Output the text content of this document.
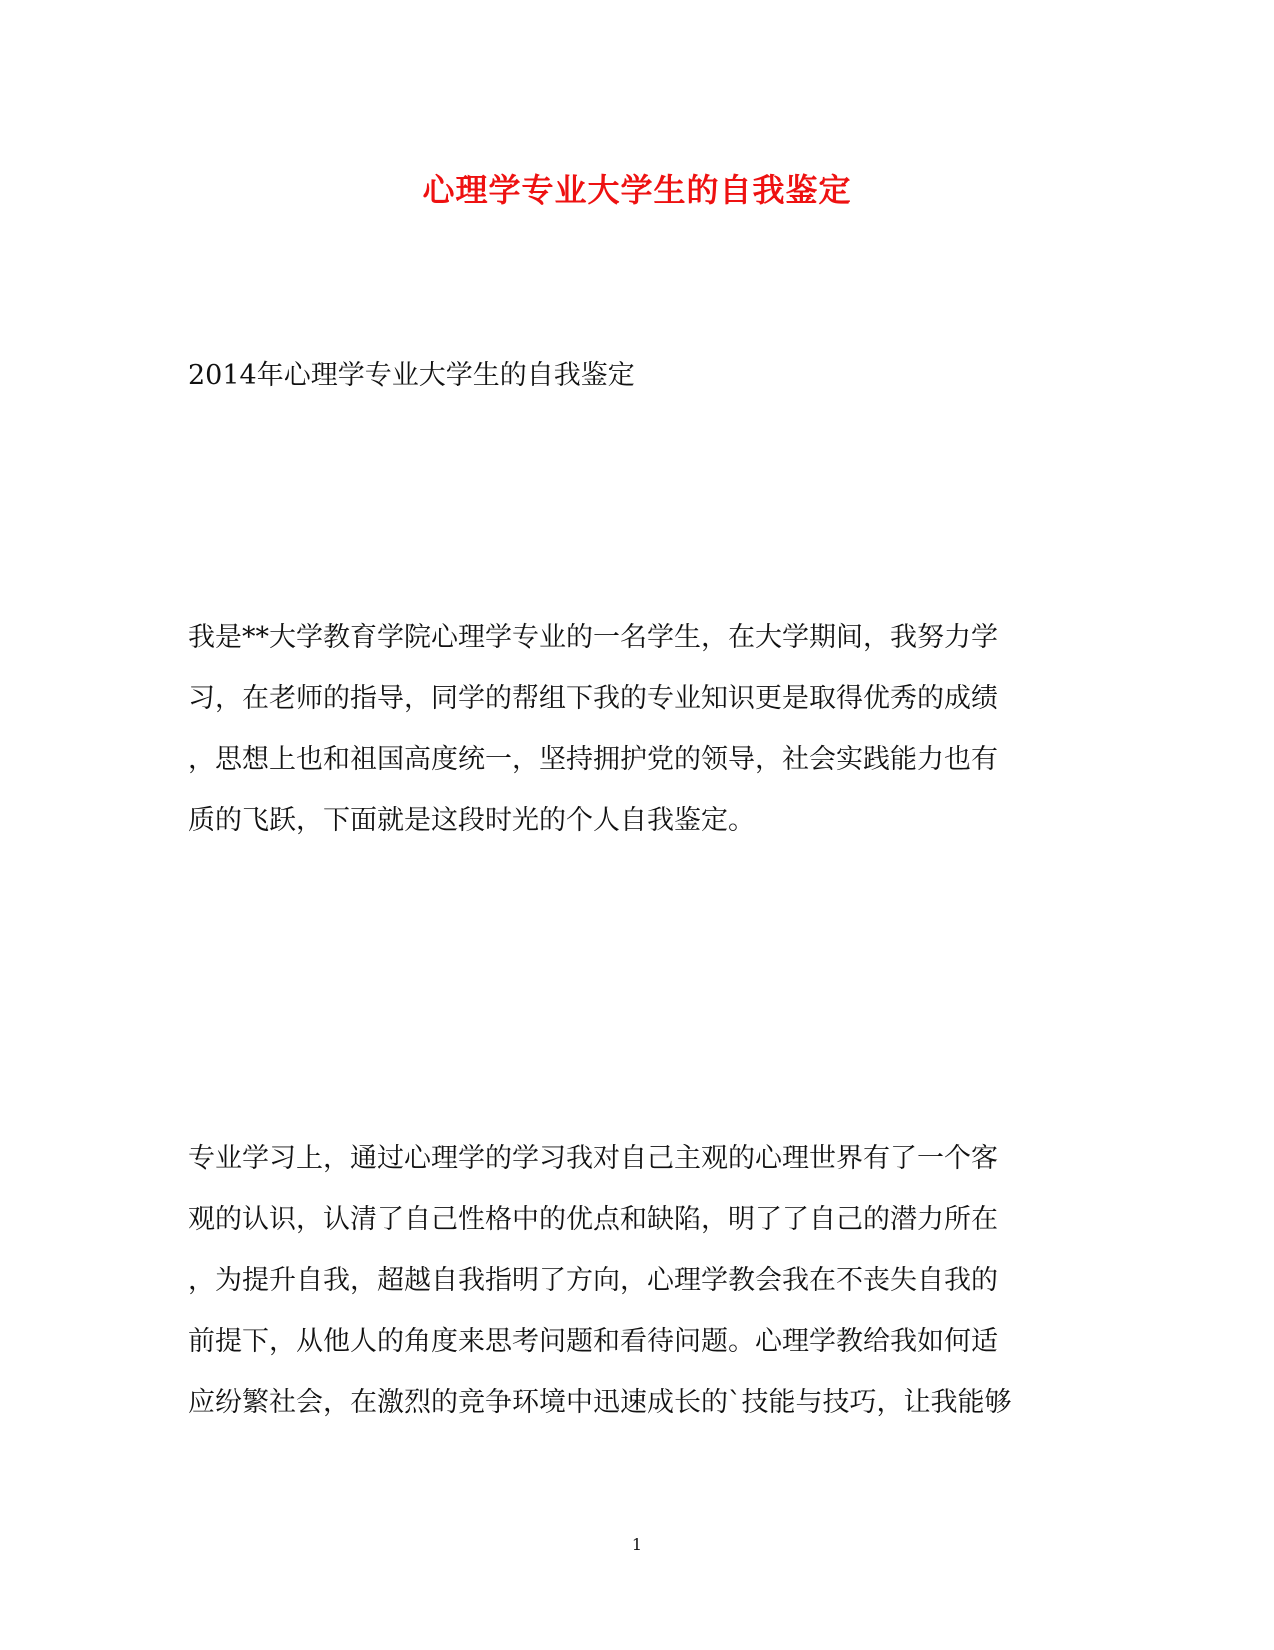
心理学专业大学生的自我鉴定
2014年心理学专业大学生的自我鉴定
我是**大学教育学院心理学专业的一名学生，在大学期间，我努力学
习，在老师的指导，同学的帮组下我的专业知识更是取得优秀的成绩
，思想上也和祖国高度统一，坚持拥护党的领导，社会实践能力也有
质的飞跃，下面就是这段时光的个人自我鉴定。
专业学习上，通过心理学的学习我对自己主观的心理世界有了一个客
观的认识，认清了自己性格中的优点和缺陷，明了了自己的潜力所在
，为提升自我，超越自我指明了方向，心理学教会我在不丧失自我的
前提下，从他人的角度来思考问题和看待问题。心理学教给我如何适
应纷繁社会，在激烈的竞争环境中迅速成长的`技能与技巧，让我能够
1
